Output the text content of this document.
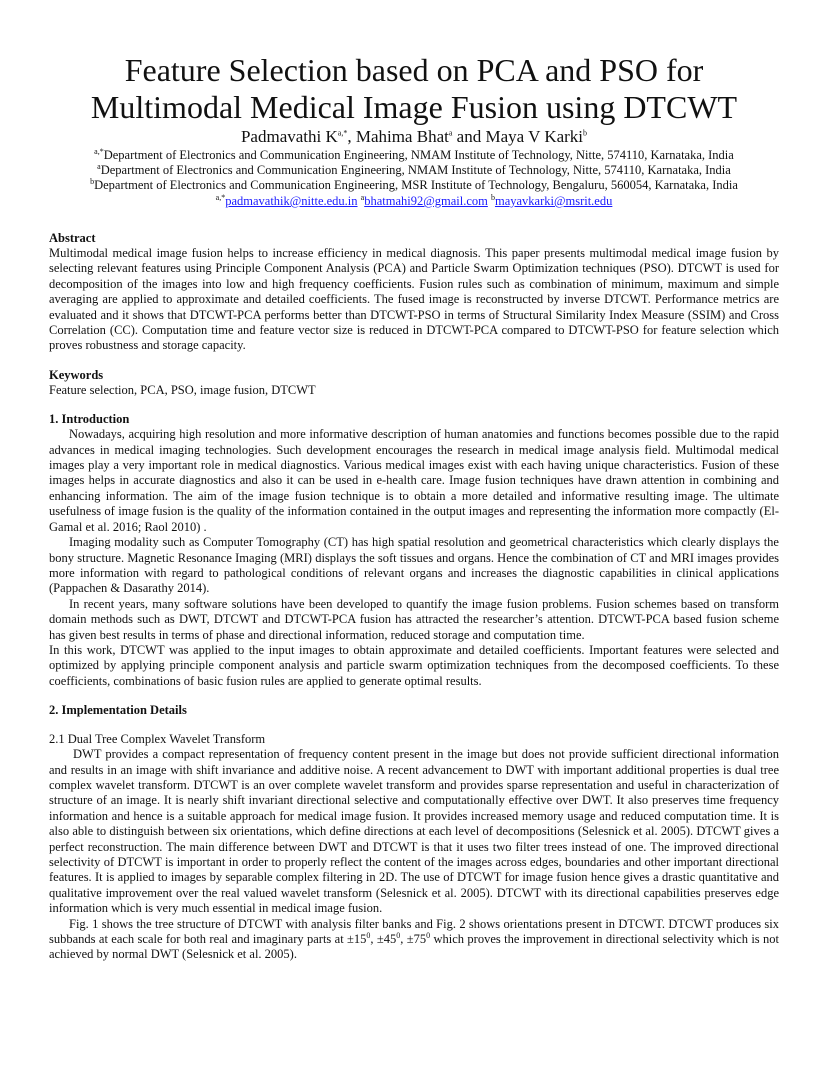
Feature Selection based on PCA and PSO for
Multimodal Medical Image Fusion using DTCWT
Padmavathi $K^{a,*}$, Mahima Bhat$^a$ and Maya V Karki$^b$
$^{a,*}$Department of Electronics and Communication Engineering, NMAM Institute of Technology, Nitte, 574110, Karnataka, India
$^a$Department of Electronics and Communication Engineering, NMAM Institute of Technology, Nitte, 574110, Karnataka, India
$^b$Department of Electronics and Communication Engineering, MSR Institute of Technology, Bengaluru, 560054, Karnataka, India
$^{a,*}$padmavathik@nitte.edu.in $^a$bhatmahi92@gmail.com $^b$mayavkarki@msrit.edu
Abstract

Multimodal medical image fusion helps to increase efficiency in medical diagnosis. This paper presents multimodal medical image fusion by selecting relevant features using Principle Component Analysis (PCA) and Particle Swarm Optimization techniques (PSO). DTCWT is used for decomposition of the images into low and high frequency coefficients. Fusion rules such as combination of minimum, maximum and simple averaging are applied to approximate and detailed coefficients. The fused image is reconstructed by inverse DTCWT. Performance metrics are evaluated and it shows that DTCWT-PCA performs better than DTCWT-PSO in terms of Structural Similarity Index Measure (SSIM) and Cross Correlation (CC). Computation time and feature vector size is reduced in DTCWT-PCA compared to DTCWT-PSO for feature selection which proves robustness and storage capacity.

Keywords

Feature selection, PCA, PSO, image fusion, DTCWT

1. Introduction

Nowadays, acquiring high resolution and more informative description of human anatomies and functions becomes possible due to the rapid advances in medical imaging technologies. Such development encourages the research in medical image analysis field. Multimodal medical images play a very important role in medical diagnostics. Various medical images exist with each having unique characteristics. Fusion of these images helps in accurate diagnostics and also it can be used in e-health care. Image fusion techniques have drawn attention in combining and enhancing information. The aim of the image fusion technique is to obtain a more detailed and informative resulting image. The ultimate usefulness of image fusion is the quality of the information contained in the output images and representing the information more compactly (El-Gamal et al. 2016; Raol 2010) .

Imaging modality such as Computer Tomography (CT) has high spatial resolution and geometrical characteristics which clearly displays the bony structure. Magnetic Resonance Imaging (MRI) displays the soft tissues and organs. Hence the combination of CT and MRI images provides more information with regard to pathological conditions of relevant organs and increases the diagnostic capabilities in clinical applications (Pappachen & Dasarathy 2014).

In recent years, many software solutions have been developed to quantify the image fusion problems. Fusion schemes based on transform domain methods such as DWT, DTCWT and DTCWT-PCA fusion has attracted the researcher’s attention. DTCWT-PCA based fusion scheme has given best results in terms of phase and directional information, reduced storage and computation time.

In this work, DTCWT was applied to the input images to obtain approximate and detailed coefficients. Important features were selected and optimized by applying principle component analysis and particle swarm optimization techniques from the decomposed coefficients. To these coefficients, combinations of basic fusion rules are applied to generate optimal results.

2. Implementation Details
2.1 Dual Tree Complex Wavelet Transform

DWT provides a compact representation of frequency content present in the image but does not provide sufficient directional information and results in an image with shift invariance and additive noise. A recent advancement to DWT with important additional properties is dual tree complex wavelet transform. DTCWT is an over complete wavelet transform and provides sparse representation and useful in characterization of structure of an image. It is nearly shift invariant directional selective and computationally effective over DWT. It also preserves time frequency information and hence is a suitable approach for medical image fusion. It provides increased memory usage and reduced computation time. It is also able to distinguish between six orientations, which define directions at each level of decompositions (Selesnick et al. 2005). DTCWT gives a perfect reconstruction. The main difference between DWT and DTCWT is that it uses two filter trees instead of one. The improved directional selectivity of DTCWT is important in order to properly reflect the content of the images across edges, boundaries and other important directional features. It is applied to images by separable complex filtering in 2D. The use of DTCWT for image fusion hence gives a drastic quantitative and qualitative improvement over the real valued wavelet transform (Selesnick et al. 2005). DTCWT with its directional capabilities preserves edge information which is very much essential in medical image fusion.

Fig. 1 shows the tree structure of DTCWT with analysis filter banks and Fig. 2 shows orientations present in DTCWT. DTCWT produces six subbands at each scale for both real and imaginary parts at $\pm 15^0$, $\pm 45^0$, $\pm 75^0$ which proves the improvement in directional selectivity which is not achieved by normal DWT (Selesnick et al. 2005).
